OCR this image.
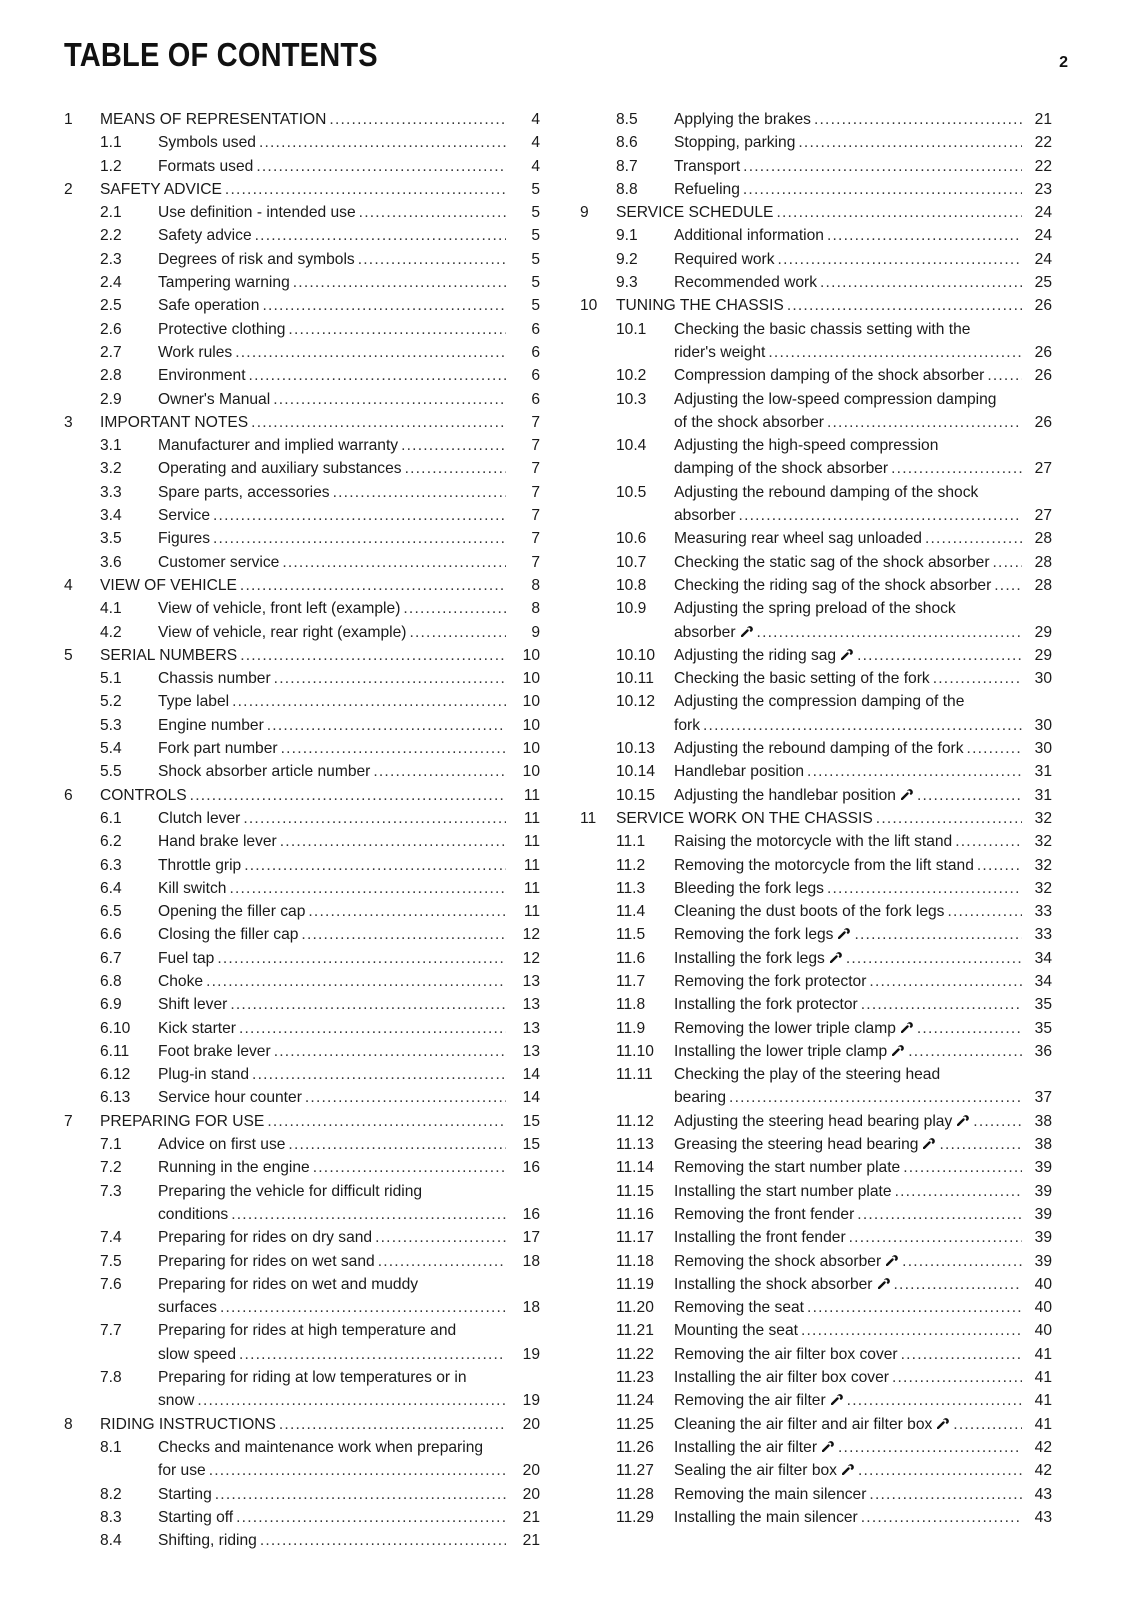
TABLE OF CONTENTS	2
1 MEANS OF REPRESENTATION .....	4
1.1 Symbols used .....	4
1.2 Formats used .....	4
2 SAFETY ADVICE .....	5
2.1 Use definition - intended use .....	5
2.2 Safety advice .....	5
2.3 Degrees of risk and symbols .....	5
2.4 Tampering warning .....	5
2.5 Safe operation .....	5
2.6 Protective clothing .....	6
2.7 Work rules .....	6
2.8 Environment .....	6
2.9 Owner's Manual .....	6
3 IMPORTANT NOTES .....	7
3.1 Manufacturer and implied warranty .....	7
3.2 Operating and auxiliary substances .....	7
3.3 Spare parts, accessories .....	7
3.4 Service .....	7
3.5 Figures .....	7
3.6 Customer service .....	7
4 VIEW OF VEHICLE .....	8
4.1 View of vehicle, front left (example) .....	8
4.2 View of vehicle, rear right (example) .....	9
5 SERIAL NUMBERS .....	10
5.1 Chassis number .....	10
5.2 Type label .....	10
5.3 Engine number .....	10
5.4 Fork part number .....	10
5.5 Shock absorber article number .....	10
6 CONTROLS .....	11
6.1 Clutch lever .....	11
6.2 Hand brake lever .....	11
6.3 Throttle grip .....	11
6.4 Kill switch .....	11
6.5 Opening the filler cap .....	11
6.6 Closing the filler cap .....	12
6.7 Fuel tap .....	12
6.8 Choke .....	13
6.9 Shift lever .....	13
6.10 Kick starter .....	13
6.11 Foot brake lever .....	13
6.12 Plug-in stand .....	14
6.13 Service hour counter .....	14
7 PREPARING FOR USE .....	15
7.1 Advice on first use .....	15
7.2 Running in the engine .....	16
7.3 Preparing the vehicle for difficult riding
conditions .....	16
7.4 Preparing for rides on dry sand .....	17
7.5 Preparing for rides on wet sand .....	18
7.6 Preparing for rides on wet and muddy
surfaces .....	18
7.7 Preparing for rides at high temperature and
slow speed .....	19
7.8 Preparing for riding at low temperatures or in
snow .....	19
8 RIDING INSTRUCTIONS .....	20
8.1 Checks and maintenance work when preparing
for use .....	20
8.2 Starting .....	20
8.3 Starting off .....	21
8.4 Shifting, riding .....	21
8.5 Applying the brakes .....	21
8.6 Stopping, parking .....	22
8.7 Transport .....	22
8.8 Refueling .....	23
9 SERVICE SCHEDULE .....	24
9.1 Additional information .....	24
9.2 Required work .....	24
9.3 Recommended work .....	25
10 TUNING THE CHASSIS .....	26
10.1 Checking the basic chassis setting with the
rider's weight .....	26
10.2 Compression damping of the shock absorber .....	26
10.3 Adjusting the low-speed compression damping
of the shock absorber .....	26
10.4 Adjusting the high-speed compression
damping of the shock absorber .....	27
10.5 Adjusting the rebound damping of the shock
absorber .....	27
10.6 Measuring rear wheel sag unloaded .....	28
10.7 Checking the static sag of the shock absorber .....	28
10.8 Checking the riding sag of the shock absorber .....	28
10.9 Adjusting the spring preload of the shock
absorber .....	29
10.10 Adjusting the riding sag .....	29
10.11 Checking the basic setting of the fork .....	30
10.12 Adjusting the compression damping of the
fork .....	30
10.13 Adjusting the rebound damping of the fork .....	30
10.14 Handlebar position .....	31
10.15 Adjusting the handlebar position .....	31
11 SERVICE WORK ON THE CHASSIS .....	32
11.1 Raising the motorcycle with the lift stand .....	32
11.2 Removing the motorcycle from the lift stand .....	32
11.3 Bleeding the fork legs .....	32
11.4 Cleaning the dust boots of the fork legs .....	33
11.5 Removing the fork legs .....	33
11.6 Installing the fork legs .....	34
11.7 Removing the fork protector .....	34
11.8 Installing the fork protector .....	35
11.9 Removing the lower triple clamp .....	35
11.10 Installing the lower triple clamp .....	36
11.11 Checking the play of the steering head
bearing .....	37
11.12 Adjusting the steering head bearing play .....	38
11.13 Greasing the steering head bearing .....	38
11.14 Removing the start number plate .....	39
11.15 Installing the start number plate .....	39
11.16 Removing the front fender .....	39
11.17 Installing the front fender .....	39
11.18 Removing the shock absorber .....	39
11.19 Installing the shock absorber .....	40
11.20 Removing the seat .....	40
11.21 Mounting the seat .....	40
11.22 Removing the air filter box cover .....	41
11.23 Installing the air filter box cover .....	41
11.24 Removing the air filter .....	41
11.25 Cleaning the air filter and air filter box .....	41
11.26 Installing the air filter .....	42
11.27 Sealing the air filter box .....	42
11.28 Removing the main silencer .....	43
11.29 Installing the main silencer .....	43
